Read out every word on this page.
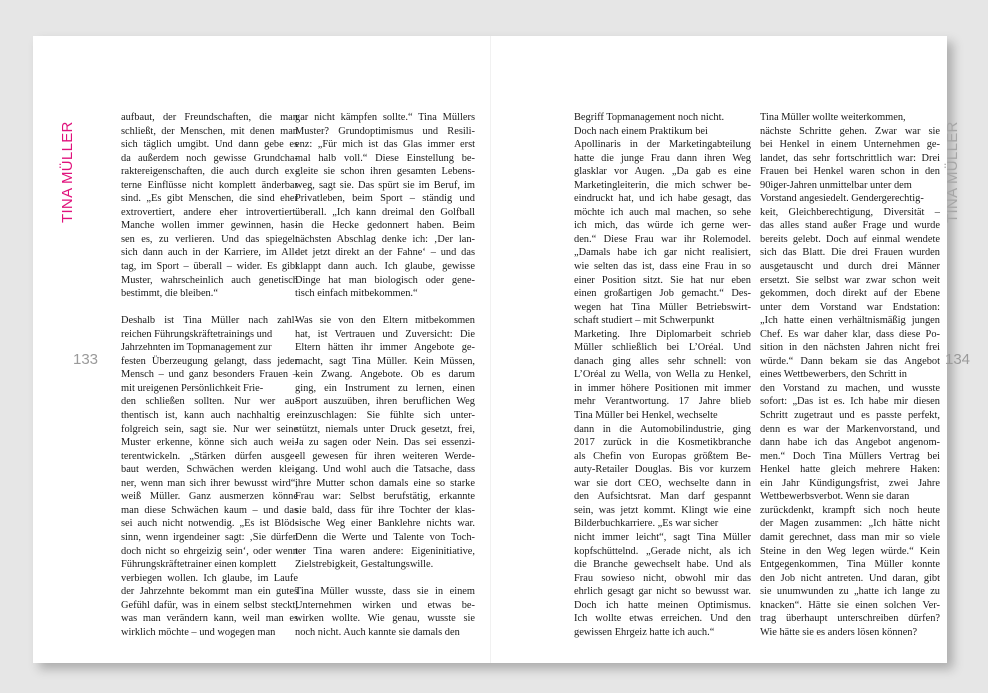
TINA MÜLLER	TINA MÜLLER
133	134
aufbaut, der Freundschaften, die man
schließt, der Menschen, mit denen man
sich täglich umgibt. Und dann gebe es
da außerdem noch gewisse Grundcha-
raktereigenschaften, die auch durch ex-
terne Einflüsse nicht komplett änderbar
sind. „Es gibt Menschen, die sind eher
extrovertiert, andere eher introvertiert.
Manche wollen immer gewinnen, has-
sen es, zu verlieren. Und das spiegelt
sich dann auch in der Karriere, im All-
tag, im Sport – überall – wider. Es gibt
Muster, wahrscheinlich auch genetisch
bestimmt, die bleiben.“
Deshalb ist Tina Müller nach zahl-
reichen Führungskräftetrainings und
Jahrzehnten im Topmanagement zur
festen Überzeugung gelangt, dass jeder
Mensch – und ganz besonders Frauen –
mit ureigenen Persönlichkeit Frie-
den schließen sollten. Nur wer au-
thentisch ist, kann auch nachhaltig er-
folgreich sein, sagt sie. Nur wer seine
Muster erkenne, könne sich auch wei-
terentwickeln. „Stärken dürfen ausge-
baut werden, Schwächen werden klei-
ner, wenn man sich ihrer bewusst wird“,
weiß Müller. Ganz ausmerzen könne
man diese Schwächen kaum – und das
sei auch nicht notwendig. „Es ist Blöd-
sinn, wenn irgendeiner sagt: ‚Sie dürfen
doch nicht so ehrgeizig sein‘, oder wenn
Führungskräftetrainer einen komplett
verbiegen wollen. Ich glaube, im Laufe
der Jahrzehnte bekommt man ein gutes
Gefühl dafür, was in einem selbst steckt,
was man verändern kann, weil man es
wirklich möchte – und wogegen man
gar nicht kämpfen sollte.“ Tina Müllers
Muster? Grundoptimismus und Resili-
enz: „Für mich ist das Glas immer erst
mal halb voll.“ Diese Einstellung be-
gleite sie schon ihren gesamten Lebens-
weg, sagt sie. Das spürt sie im Beruf, im
Privatleben, beim Sport – ständig und
überall. „Ich kann dreimal den Golfball
in die Hecke gedonnert haben. Beim
nächsten Abschlag denke ich: ‚Der lan-
det jetzt direkt an der Fahne‘ – und das
klappt dann auch. Ich glaube, gewisse
Dinge hat man biologisch oder gene-
tisch einfach mitbekommen.“
Was sie von den Eltern mitbekommen
hat, ist Vertrauen und Zuversicht: Die
Eltern hätten ihr immer Angebote ge-
macht, sagt Tina Müller. Kein Müssen,
kein Zwang. Angebote. Ob es darum
ging, ein Instrument zu lernen, einen
Sport auszuüben, ihren beruflichen Weg
einzuschlagen: Sie fühlte sich unter-
stützt, niemals unter Druck gesetzt, frei,
Ja zu sagen oder Nein. Das sei essenzi-
ell gewesen für ihren weiteren Werde-
gang. Und wohl auch die Tatsache, dass
ihre Mutter schon damals eine so starke
Frau war: Selbst berufstätig, erkannte
sie bald, dass für ihre Tochter der klas-
sische Weg einer Banklehre nichts war.
Denn die Werte und Talente von Toch-
ter Tina waren andere: Eigeninitiative,
Zielstrebigkeit, Gestaltungswille.
Tina Müller wusste, dass sie in einem
Unternehmen wirken und etwas be-
wirken wollte. Wie genau, wusste sie
noch nicht. Auch kannte sie damals den
Begriff Topmanagement noch nicht.
Doch nach einem Praktikum bei
Apollinaris in der Marketingabteilung
hatte die junge Frau dann ihren Weg
glasklar vor Augen. „Da gab es eine
Marketingleiterin, die mich schwer be-
eindruckt hat, und ich habe gesagt, das
möchte ich auch mal machen, so sehe
ich mich, das würde ich gerne wer-
den.“ Diese Frau war ihr Rolemodel.
„Damals habe ich gar nicht realisiert,
wie selten das ist, dass eine Frau in so
einer Position sitzt. Sie hat nur eben
einen großartigen Job gemacht.“ Des-
wegen hat Tina Müller Betriebswirt-
schaft studiert – mit Schwerpunkt
Marketing. Ihre Diplomarbeit schrieb
Müller schließlich bei L’Oréal. Und
danach ging alles sehr schnell: von
L’Oréal zu Wella, von Wella zu Henkel,
in immer höhere Positionen mit immer
mehr Verantwortung. 17 Jahre blieb
Tina Müller bei Henkel, wechselte
dann in die Automobilindustrie, ging
2017 zurück in die Kosmetikbranche
als Chefin von Europas größtem Be-
auty-Retailer Douglas. Bis vor kurzem
war sie dort CEO, wechselte dann in
den Aufsichtsrat. Man darf gespannt
sein, was jetzt kommt. Klingt wie eine
Bilderbuchkarriere. „Es war sicher
nicht immer leicht“, sagt Tina Müller
kopfschüttelnd. „Gerade nicht, als ich
die Branche gewechselt habe. Und als
Frau sowieso nicht, obwohl mir das
ehrlich gesagt gar nicht so bewusst war.
Doch ich hatte meinen Optimismus.
Ich wollte etwas erreichen. Und den
gewissen Ehrgeiz hatte ich auch.“
Tina Müller wollte weiterkommen,
nächste Schritte gehen. Zwar war sie
bei Henkel in einem Unternehmen ge-
landet, das sehr fortschrittlich war: Drei
Frauen bei Henkel waren schon in den
90iger-Jahren unmittelbar unter dem
Vorstand angesiedelt. Gendergerechtig-
keit, Gleichberechtigung, Diversität –
das alles stand außer Frage und wurde
bereits gelebt. Doch auf einmal wendete
sich das Blatt. Die drei Frauen wurden
ausgetauscht und durch drei Männer
ersetzt. Sie selbst war zwar schon weit
gekommen, doch direkt auf der Ebene
unter dem Vorstand war Endstation:
„Ich hatte einen verhältnismäßig jungen
Chef. Es war daher klar, dass diese Po-
sition in den nächsten Jahren nicht frei
würde.“ Dann bekam sie das Angebot
eines Wettbewerbers, den Schritt in
den Vorstand zu machen, und wusste
sofort: „Das ist es. Ich habe mir diesen
Schritt zugetraut und es passte perfekt,
denn es war der Markenvorstand, und
dann habe ich das Angebot angenom-
men.“ Doch Tina Müllers Vertrag bei
Henkel hatte gleich mehrere Haken:
ein Jahr Kündigungsfrist, zwei Jahre
Wettbewerbsverbot. Wenn sie daran
zurückdenkt, krampft sich noch heute
der Magen zusammen: „Ich hätte nicht
damit gerechnet, dass man mir so viele
Steine in den Weg legen würde.“ Kein
Entgegenkommen, Tina Müller konnte
den Job nicht antreten. Und daran, gibt
sie unumwunden zu „hatte ich lange zu
knacken“. Hätte sie einen solchen Ver-
trag überhaupt unterschreiben dürfen?
Wie hätte sie es anders lösen können?
